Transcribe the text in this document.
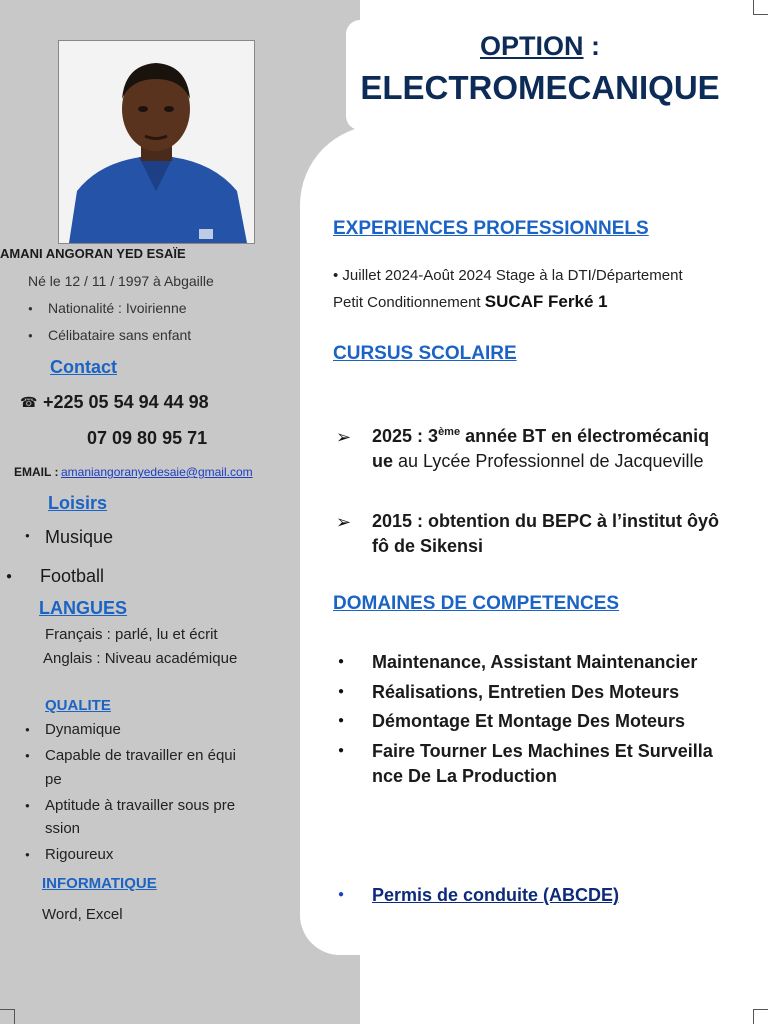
AMANI ANGORAN YED ESAÏE
Né le 12 / 11 / 1997 à Abgaille
● Nationalité : Ivoirienne
● Célibataire sans enfant
Contact
☎ +225 05 54 94 44 98
07 09 80 95 71
EMAIL : amaniangoranyedesaie@gmail.com
Loisirs
● Musique
● Football
LANGUES
Français : parlé, lu et écrit
Anglais : Niveau académique
QUALITE
● Dynamique
● Capable de travailler en équi
pe
● Aptitude à travailler sous pre
ssion
● Rigoureux
INFORMATIQUE
Word, Excel
OPTION :
ELECTROMECANIQUE
EXPERIENCES PROFESSIONNELS
• Juillet 2024-Août 2024 Stage à la DTI/Département
Petit Conditionnement SUCAF Ferké 1
CURSUS SCOLAIRE
➢ 2025 : 3ème année BT en électromécaniq
ue au Lycée Professionnel de Jacqueville
➢ 2015 : obtention du BEPC à l’institut ôyô
fô de Sikensi
DOMAINES DE COMPETENCES
● Maintenance, Assistant Maintenancier
● Réalisations, Entretien Des Moteurs
● Démontage Et Montage Des Moteurs
● Faire Tourner Les Machines Et Surveilla
nce De La Production
● Permis de conduite (ABCDE)
